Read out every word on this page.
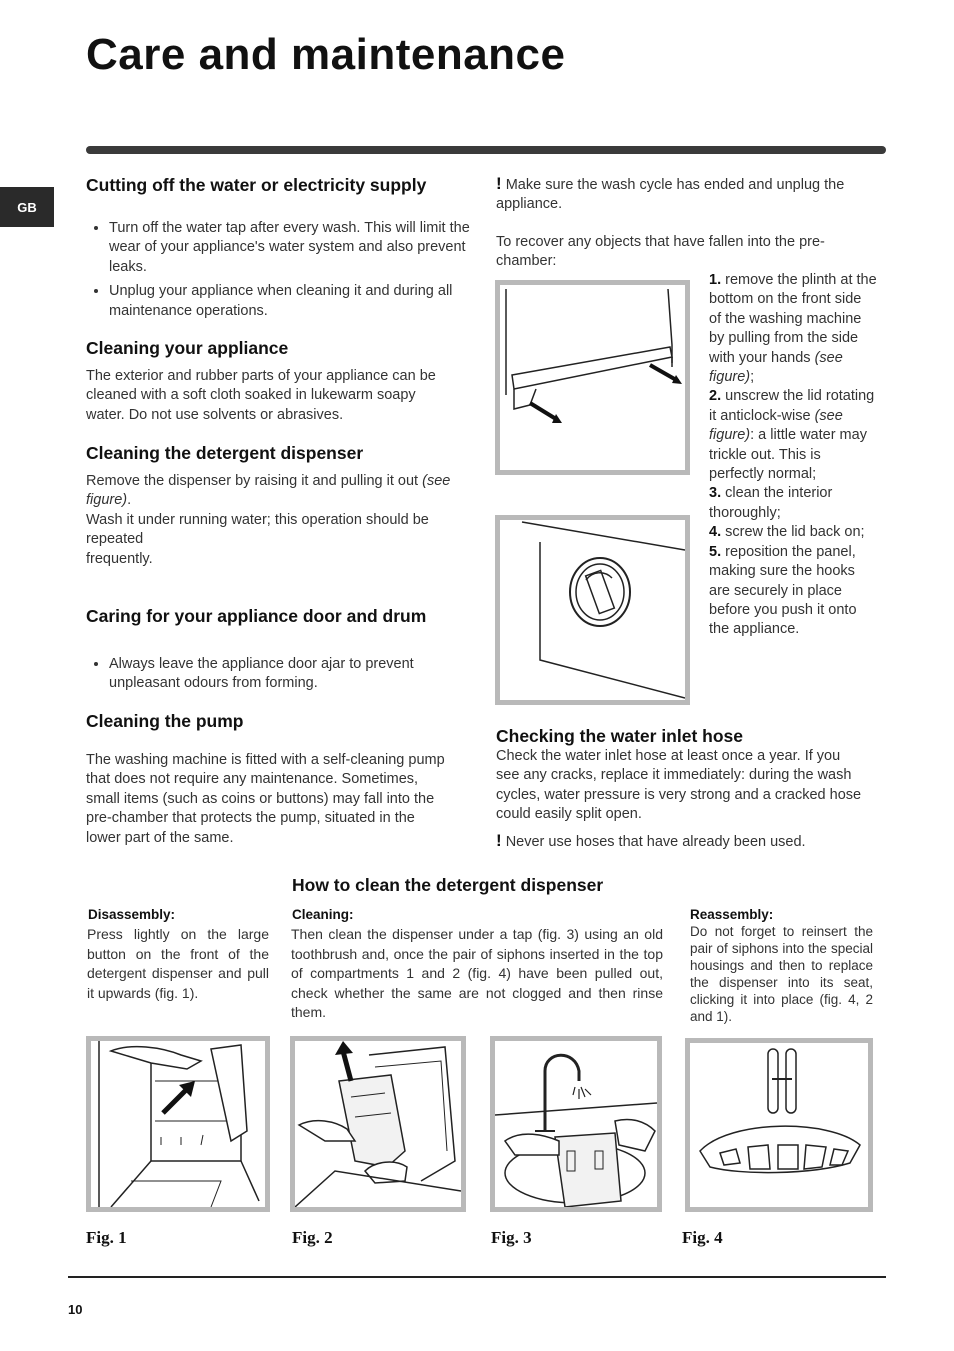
Care and maintenance
GB
Cutting off the water or electricity supply
• Turn off the water tap after every wash. This will limit the wear of your appliance's water system and also prevent leaks.
• Unplug your appliance when cleaning it and during all maintenance operations.
Cleaning your appliance

The exterior and rubber parts of your appliance can be cleaned with a soft cloth soaked in lukewarm soapy water. Do not use solvents or abrasives.

Cleaning the detergent dispenser

Remove the dispenser by raising it and pulling it out (see figure).
Wash it under running water; this operation should be repeated
frequently.

Caring for your appliance door and drum
• Always leave the appliance door ajar to prevent unpleasant odours from forming.
Cleaning the pump

The washing machine is fitted with a self-cleaning pump that does not require any maintenance. Sometimes, small items (such as coins or buttons) may fall into the pre-chamber that protects the pump, situated in the lower part of the same.

! Make sure the wash cycle has ended and unplug the appliance.

To recover any objects that have fallen into the pre-chamber:

1. remove the plinth at the bottom on the front side of the washing machine by pulling from the side with your hands (see figure);
2. unscrew the lid rotating it anticlock-wise (see figure): a little water may trickle out. This is perfectly normal;
3. clean the interior thoroughly;
4. screw the lid back on;
5. reposition the panel, making sure the hooks are securely in place before you push it onto the appliance.
Checking the water inlet hose

Check the water inlet hose at least once a year. If you see any cracks, replace it immediately: during the wash cycles, water pressure is very strong and a cracked hose could easily split open.

! Never use hoses that have already been used.

How to clean the detergent dispenser
Disassembly:

Press lightly on the large button on the front of the detergent dispenser and pull it upwards (fig. 1).

Cleaning:

Then clean the dispenser under a tap (fig. 3) using an old toothbrush and, once the pair of siphons inserted in the top of compartments 1 and 2 (fig. 4) have been pulled out, check whether the same are not clogged and then rinse them.

Reassembly:

Do not forget to reinsert the pair of siphons into the special housings and then to replace the dispenser into its seat, clicking it into place (fig. 4, 2 and 1).

Fig. 1	Fig. 2	Fig. 3	Fig. 4
10
